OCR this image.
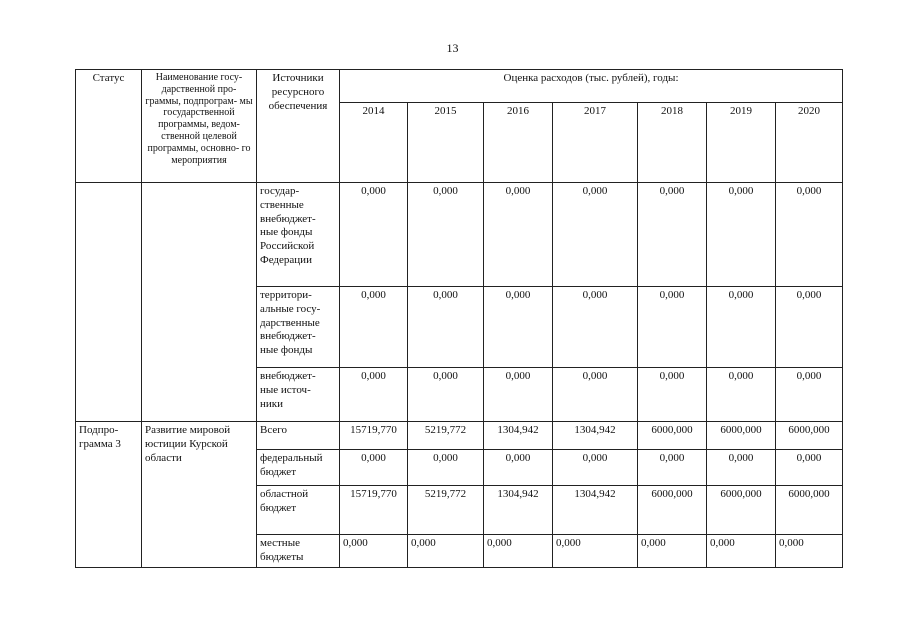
13
Статус	Наименование госу- дарственной про- граммы, подпрограм- мы государственной программы, ведом- ственной целевой программы, основно- го мероприятия	Источники ресурсного обеспечения	Оценка расходов (тыс. рублей), годы:						
			2014	2015	2016	2017	2018	2019	2020
		государ- ственные внебюджет- ные фонды Российской Федерации	0,000	0,000	0,000	0,000	0,000	0,000	0,000
		территори- альные госу- дарственные внебюджет- ные фонды	0,000	0,000	0,000	0,000	0,000	0,000	0,000
		внебюджет- ные источ- ники	0,000	0,000	0,000	0,000	0,000	0,000	0,000
Подпро- грамма 3	Развитие мировой юстиции Курской области	Всего	15719,770	5219,772	1304,942	1304,942	6000,000	6000,000	6000,000
		федеральный бюджет	0,000	0,000	0,000	0,000	0,000	0,000	0,000
		областной бюджет	15719,770	5219,772	1304,942	1304,942	6000,000	6000,000	6000,000
		местные бюджеты	0,000	0,000	0,000	0,000	0,000	0,000	0,000
